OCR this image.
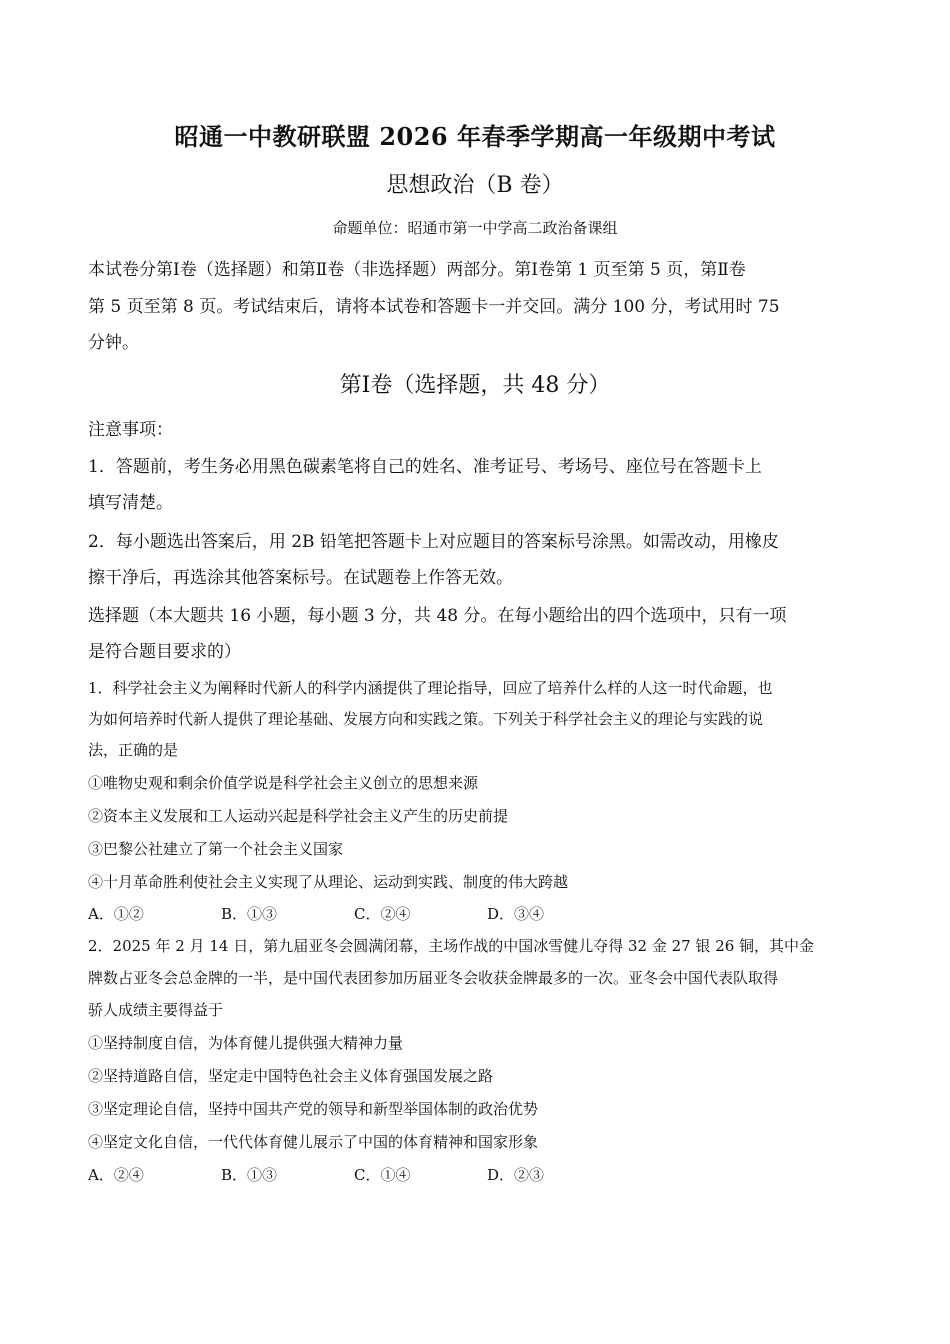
昭通一中教研联盟 2026 年春季学期高一年级期中考试
思想政治（B 卷）
命题单位：昭通市第一中学高二政治备课组
本试卷分第Ⅰ卷（选择题）和第Ⅱ卷（非选择题）两部分。第Ⅰ卷第 1 页至第 5 页，第Ⅱ卷
第 5 页至第 8 页。考试结束后，请将本试卷和答题卡一并交回。满分 100 分，考试用时 75
分钟。
第Ⅰ卷（选择题，共 48 分）
注意事项：
1．答题前，考生务必用黑色碳素笔将自己的姓名、准考证号、考场号、座位号在答题卡上
填写清楚。
2．每小题选出答案后，用 2B 铅笔把答题卡上对应题目的答案标号涂黑。如需改动，用橡皮
擦干净后，再选涂其他答案标号。在试题卷上作答无效。
选择题（本大题共 16 小题，每小题 3 分，共 48 分。在每小题给出的四个选项中，只有一项
是符合题目要求的）
1．科学社会主义为阐释时代新人的科学内涵提供了理论指导，回应了培养什么样的人这一时代命题，也
为如何培养时代新人提供了理论基础、发展方向和实践之策。下列关于科学社会主义的理论与实践的说
法，正确的是
①唯物史观和剩余价值学说是科学社会主义创立的思想来源
②资本主义发展和工人运动兴起是科学社会主义产生的历史前提
③巴黎公社建立了第一个社会主义国家
④十月革命胜利使社会主义实现了从理论、运动到实践、制度的伟大跨越
A．①②	B．①③	C．②④	D．③④
2．2025 年 2 月 14 日，第九届亚冬会圆满闭幕，主场作战的中国冰雪健儿夺得 32 金 27 银 26 铜，其中金
牌数占亚冬会总金牌的一半，是中国代表团参加历届亚冬会收获金牌最多的一次。亚冬会中国代表队取得
骄人成绩主要得益于
①坚持制度自信，为体育健儿提供强大精神力量
②坚持道路自信，坚定走中国特色社会主义体育强国发展之路
③坚定理论自信，坚持中国共产党的领导和新型举国体制的政治优势
④坚定文化自信，一代代体育健儿展示了中国的体育精神和国家形象
A．②④	B．①③	C．①④	D．②③
